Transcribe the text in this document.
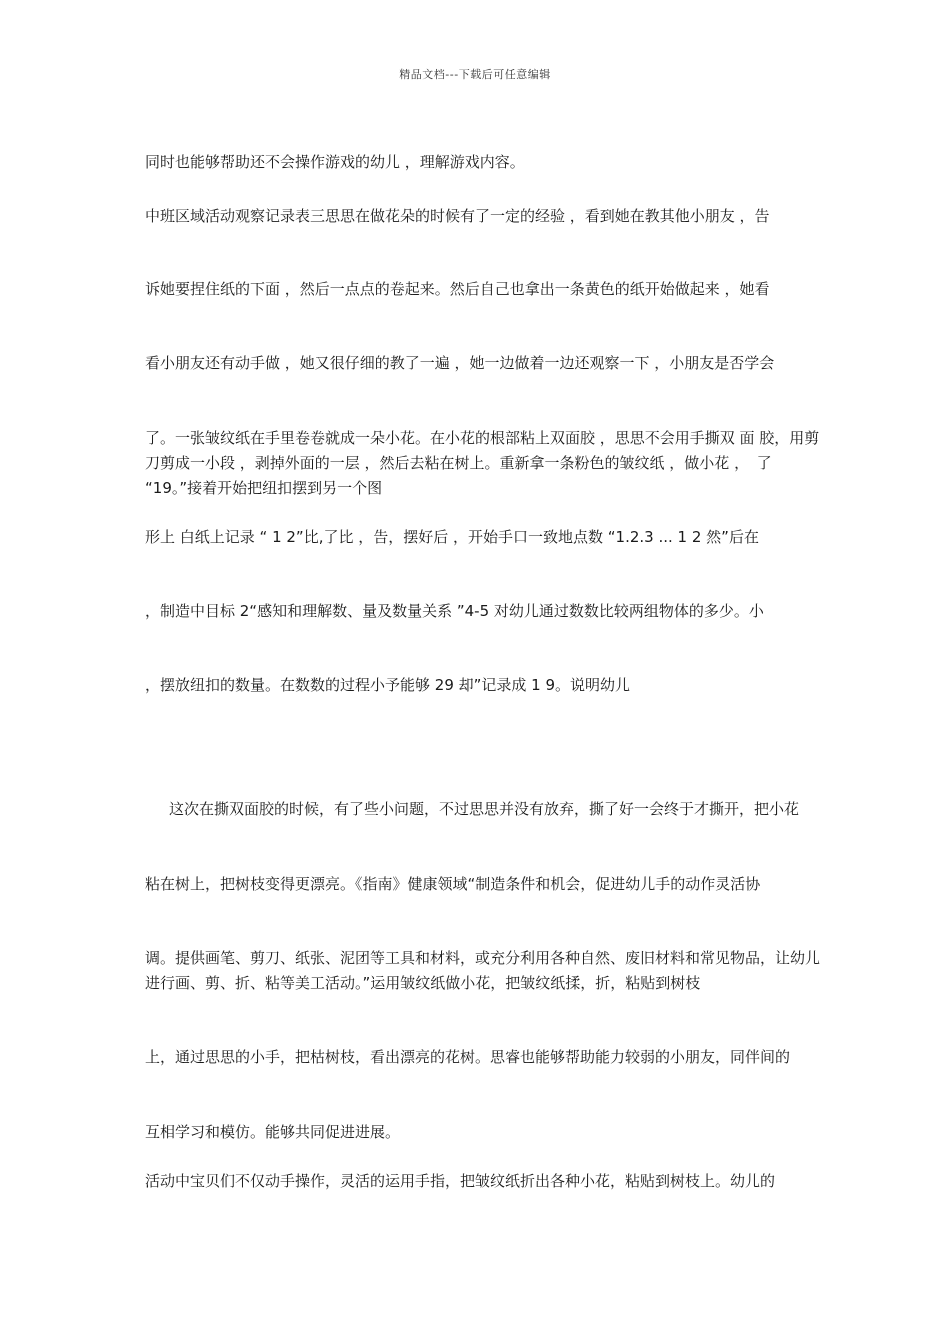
精品文档---下载后可任意编辑

同时也能够帮助还不会操作游戏的幼儿 ，理解游戏内容。

中班区域活动观察记录表三思思在做花朵的时候有了一定的经验 ，看到她在教其他小朋友 ，告

诉她要捏住纸的下面 ，然后一点点的卷起来。然后自己也拿出一条黄色的纸开始做起来 ，她看

看小朋友还有动手做 ，她又很仔细的教了一遍 ，她一边做着一边还观察一下 ，小朋友是否学会

了。一张皱纹纸在手里卷卷就成一朵小花。在小花的根部粘上双面胶 ，思思不会用手撕双 面 胶，用剪刀剪成一小段 ，剥掉外面的一层 ，然后去粘在树上。重新拿一条粉色的皱纹纸 ，做小花 ，　了 “19。”接着开始把纽扣摆到另一个图

形上 白纸上记录 “ 1 2”比,了比 ，告，摆好后 ，开始手口一致地点数 “1.2.3 ... 1 2 然”后在

，制造中目标 2“感知和理解数、量及数量关系 ”4-5 对幼儿通过数数比较两组物体的多少。小

，摆放纽扣的数量。在数数的过程小予能够 29 却”记录成 1 9。说明幼儿

这次在撕双面胶的时候，有了些小问题，不过思思并没有放弃，撕了好一会终于才撕开，把小花

粘在树上，把树枝变得更漂亮。《指南》健康领域“制造条件和机会，促进幼儿手的动作灵活协

调。提供画笔、剪刀、纸张、泥团等工具和材料，或充分利用各种自然、废旧材料和常见物品，让幼儿进行画、剪、折、粘等美工活动。”运用皱纹纸做小花，把皱纹纸揉，折，粘贴到树枝

上，通过思思的小手，把枯树枝，看出漂亮的花树。思睿也能够帮助能力较弱的小朋友，同伴间的

互相学习和模仿。能够共同促进进展。

活动中宝贝们不仅动手操作，灵活的运用手指，把皱纹纸折出各种小花，粘贴到树枝上。幼儿的
